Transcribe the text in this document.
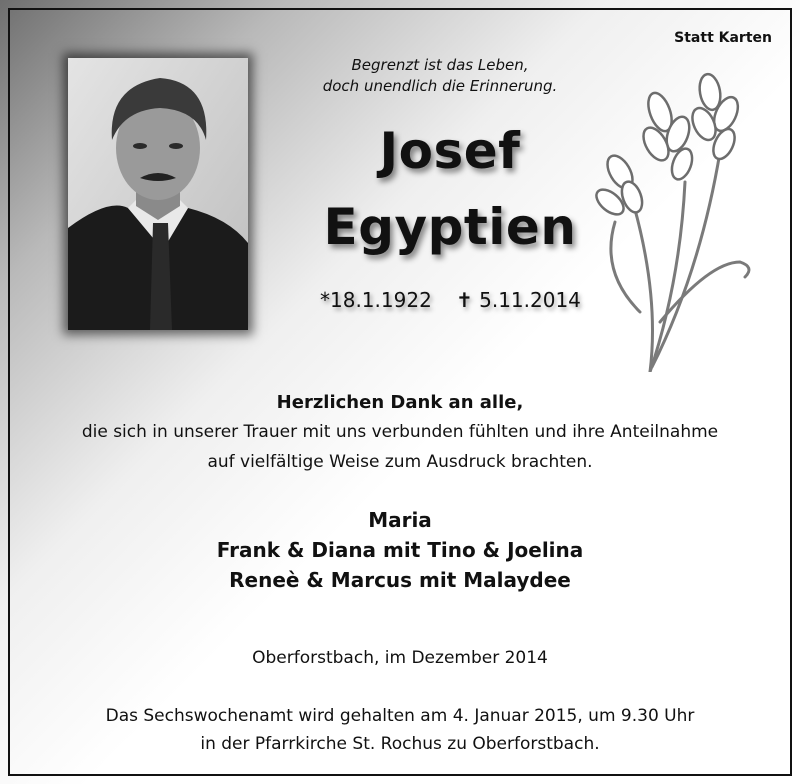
Statt Karten
Begrenzt ist das Leben,
doch unendlich die Erinnerung.
Josef
Egyptien
*18.1.1922 ✝ 5.11.2014
Herzlichen Dank an alle,
die sich in unserer Trauer mit uns verbunden fühlten und ihre Anteilnahme
auf vielfältige Weise zum Ausdruck brachten.
Maria
Frank & Diana mit Tino & Joelina
Reneè & Marcus mit Malaydee
Oberforstbach, im Dezember 2014
Das Sechswochenamt wird gehalten am 4. Januar 2015, um 9.30 Uhr
in der Pfarrkirche St. Rochus zu Oberforstbach.
